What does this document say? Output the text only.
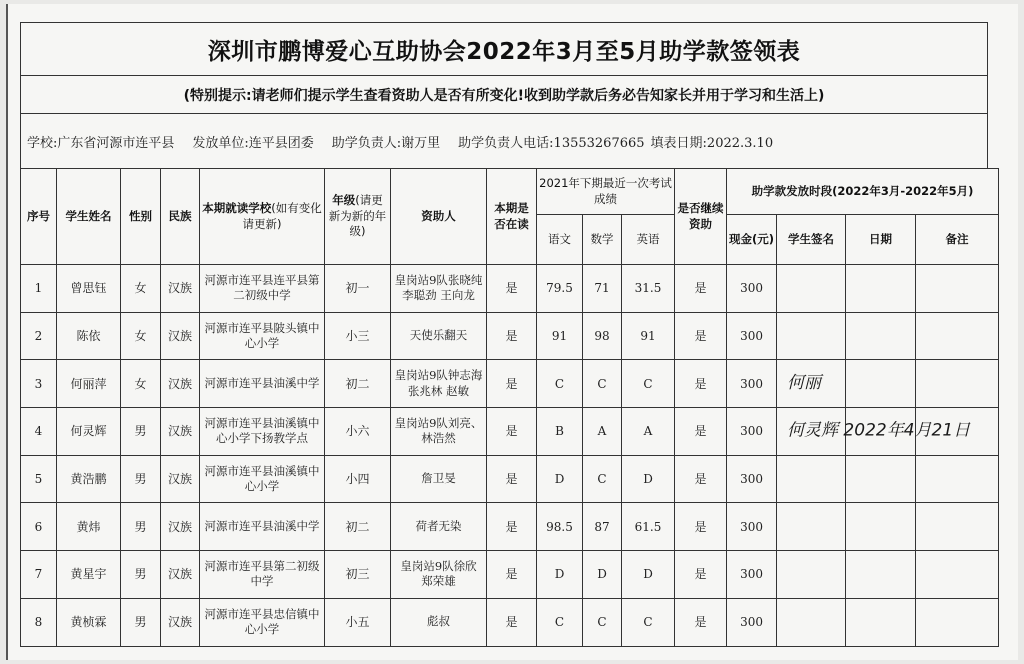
深圳市鹏博爱心互助协会2022年3月至5月助学款签领表
(特别提示:请老师们提示学生查看资助人是否有所变化!收到助学款后务必告知家长并用于学习和生活上)
学校:广东省河源市连平县 发放单位:连平县团委 助学负责人:谢万里 助学负责人电话:13553267665 填表日期:2022.3.10
序号	学生姓名	性别	民族	本期就读学校(如有变化请更新)	年级(请更新为新的年级)	资助人	本期是否在读	2021年下期最近一次考试成绩			是否继续资助	助学款发放时段(2022年3月-2022年5月)			
								语文	数学	英语		现金(元)	学生签名	日期	备注
1	曾思钰	女	汉族	河源市连平县连平县第二初级中学	初一	皇岗站9队张晓纯 李聪劲 王向龙	是	79.5	71	31.5	是	300			
2	陈依	女	汉族	河源市连平县陂头镇中心小学	小三	天使乐翻天	是	91	98	91	是	300			
3	何丽萍	女	汉族	河源市连平县油溪中学	初二	皇岗站9队钟志海 张兆林 赵敏	是	C	C	C	是	300	何丽		
4	何灵辉	男	汉族	河源市连平县油溪镇中心小学下扬教学点	小六	皇岗站9队刘亮、林浩然	是	B	A	A	是	300	何灵辉 2022年4月21日		

5	黄浩鹏	男	汉族	河源市连平县油溪镇中心小学	小四	詹卫旻	是	D	C	D	是	300			
6	黄炜	男	汉族	河源市连平县油溪中学	初二	荷者无染	是	98.5	87	61.5	是	300			
7	黄星宇	男	汉族	河源市连平县第二初级中学	初三	皇岗站9队徐欣 郑荣雄	是	D	D	D	是	300			
8	黄桢霖	男	汉族	河源市连平县忠信镇中心小学	小五	彪叔	是	C	C	C	是	300			
